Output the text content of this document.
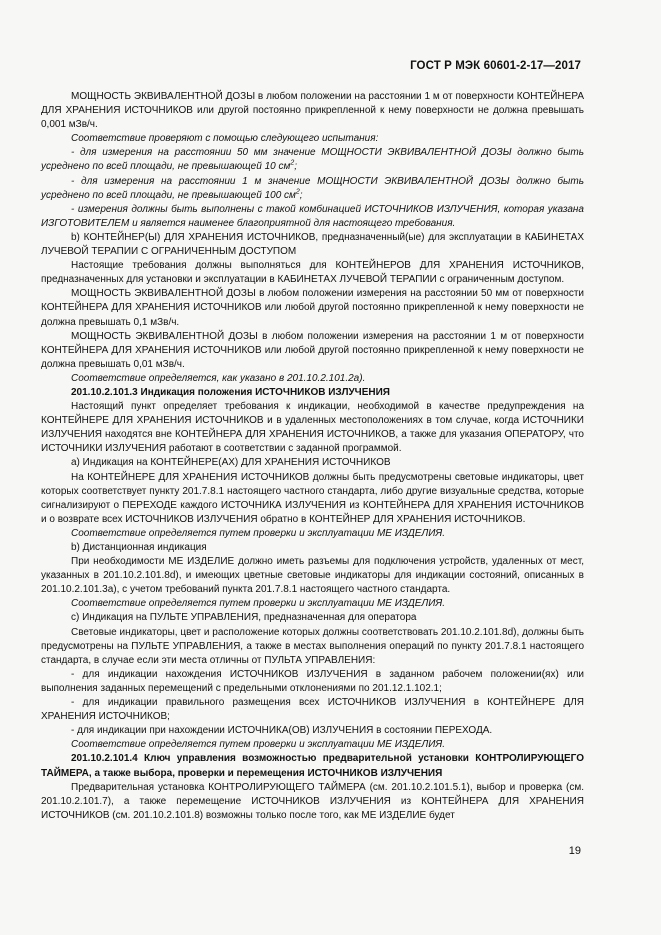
ГОСТ Р МЭК 60601-2-17—2017

МОЩНОСТЬ ЭКВИВАЛЕНТНОЙ ДОЗЫ в любом положении на расстоянии 1 м от поверхности КОНТЕЙНЕРА ДЛЯ ХРАНЕНИЯ ИСТОЧНИКОВ или другой постоянно прикрепленной к нему поверхности не должна превышать 0,001 мЗв/ч.

Соответствие проверяют с помощью следующего испытания:

- для измерения на расстоянии 50 мм значение МОЩНОСТИ ЭКВИВАЛЕНТНОЙ ДОЗЫ должно быть усреднено по всей площади, не превышающей 10 $см^2$;

- для измерения на расстоянии 1 м значение МОЩНОСТИ ЭКВИВАЛЕНТНОЙ ДОЗЫ должно быть усреднено по всей площади, не превышающей 100 $см^2$;

- измерения должны быть выполнены с такой комбинацией ИСТОЧНИКОВ ИЗЛУЧЕНИЯ, которая указана ИЗГОТОВИТЕЛЕМ и является наименее благоприятной для настоящего требования.

b) КОНТЕЙНЕР(Ы) ДЛЯ ХРАНЕНИЯ ИСТОЧНИКОВ, предназначенный(ые) для эксплуатации в КАБИНЕТАХ ЛУЧЕВОЙ ТЕРАПИИ С ОГРАНИЧЕННЫМ ДОСТУПОМ

Настоящие требования должны выполняться для КОНТЕЙНЕРОВ ДЛЯ ХРАНЕНИЯ ИСТОЧНИКОВ, предназначенных для установки и эксплуатации в КАБИНЕТАХ ЛУЧЕВОЙ ТЕРАПИИ с ограниченным доступом.

МОЩНОСТЬ ЭКВИВАЛЕНТНОЙ ДОЗЫ в любом положении измерения на расстоянии 50 мм от поверхности КОНТЕЙНЕРА ДЛЯ ХРАНЕНИЯ ИСТОЧНИКОВ или любой другой постоянно прикрепленной к нему поверхности не должна превышать 0,1 мЗв/ч.

МОЩНОСТЬ ЭКВИВАЛЕНТНОЙ ДОЗЫ в любом положении измерения на расстоянии 1 м от поверхности КОНТЕЙНЕРА ДЛЯ ХРАНЕНИЯ ИСТОЧНИКОВ или любой другой постоянно прикрепленной к нему поверхности не должна превышать 0,01 мЗв/ч.

Соответствие определяется, как указано в 201.10.2.101.2a).

201.10.2.101.3 Индикация положения ИСТОЧНИКОВ ИЗЛУЧЕНИЯ

Настоящий пункт определяет требования к индикации, необходимой в качестве предупреждения на КОНТЕЙНЕРЕ ДЛЯ ХРАНЕНИЯ ИСТОЧНИКОВ и в удаленных местоположениях в том случае, когда ИСТОЧНИКИ ИЗЛУЧЕНИЯ находятся вне КОНТЕЙНЕРА ДЛЯ ХРАНЕНИЯ ИСТОЧНИКОВ, а также для указания ОПЕРАТОРУ, что ИСТОЧНИКИ ИЗЛУЧЕНИЯ работают в соответствии с заданной программой.

a) Индикация на КОНТЕЙНЕРЕ(АХ) ДЛЯ ХРАНЕНИЯ ИСТОЧНИКОВ

На КОНТЕЙНЕРЕ ДЛЯ ХРАНЕНИЯ ИСТОЧНИКОВ должны быть предусмотрены световые индикаторы, цвет которых соответствует пункту 201.7.8.1 настоящего частного стандарта, либо другие визуальные средства, которые сигнализируют о ПЕРЕХОДЕ каждого ИСТОЧНИКА ИЗЛУЧЕНИЯ из КОНТЕЙНЕРА ДЛЯ ХРАНЕНИЯ ИСТОЧНИКОВ и о возврате всех ИСТОЧНИКОВ ИЗЛУЧЕНИЯ обратно в КОНТЕЙНЕР ДЛЯ ХРАНЕНИЯ ИСТОЧНИКОВ.

Соответствие определяется путем проверки и эксплуатации МЕ ИЗДЕЛИЯ.

b) Дистанционная индикация

При необходимости МЕ ИЗДЕЛИЕ должно иметь разъемы для подключения устройств, удаленных от мест, указанных в 201.10.2.101.8d), и имеющих цветные световые индикаторы для индикации состояний, описанных в 201.10.2.101.3a), с учетом требований пункта 201.7.8.1 настоящего частного стандарта.

Соответствие определяется путем проверки и эксплуатации МЕ ИЗДЕЛИЯ.

c) Индикация на ПУЛЬТЕ УПРАВЛЕНИЯ, предназначенная для оператора

Световые индикаторы, цвет и расположение которых должны соответствовать 201.10.2.101.8d), должны быть предусмотрены на ПУЛЬТЕ УПРАВЛЕНИЯ, а также в местах выполнения операций по пункту 201.7.8.1 настоящего стандарта, в случае если эти места отличны от ПУЛЬТА УПРАВЛЕНИЯ:

- для индикации нахождения ИСТОЧНИКОВ ИЗЛУЧЕНИЯ в заданном рабочем положении(ях) или выполнения заданных перемещений с предельными отклонениями по 201.12.1.102.1;

- для индикации правильного размещения всех ИСТОЧНИКОВ ИЗЛУЧЕНИЯ в КОНТЕЙНЕРЕ ДЛЯ ХРАНЕНИЯ ИСТОЧНИКОВ;

- для индикации при нахождении ИСТОЧНИКА(ОВ) ИЗЛУЧЕНИЯ в состоянии ПЕРЕХОДА.

Соответствие определяется путем проверки и эксплуатации МЕ ИЗДЕЛИЯ.

201.10.2.101.4 Ключ управления возможностью предварительной установки КОНТРОЛИРУЮЩЕГО ТАЙМЕРА, а также выбора, проверки и перемещения ИСТОЧНИКОВ ИЗЛУЧЕНИЯ

Предварительная установка КОНТРОЛИРУЮЩЕГО ТАЙМЕРА (см. 201.10.2.101.5.1), выбор и проверка (см. 201.10.2.101.7), а также перемещение ИСТОЧНИКОВ ИЗЛУЧЕНИЯ из КОНТЕЙНЕРА ДЛЯ ХРАНЕНИЯ ИСТОЧНИКОВ (см. 201.10.2.101.8) возможны только после того, как МЕ ИЗДЕЛИЕ будет

19
